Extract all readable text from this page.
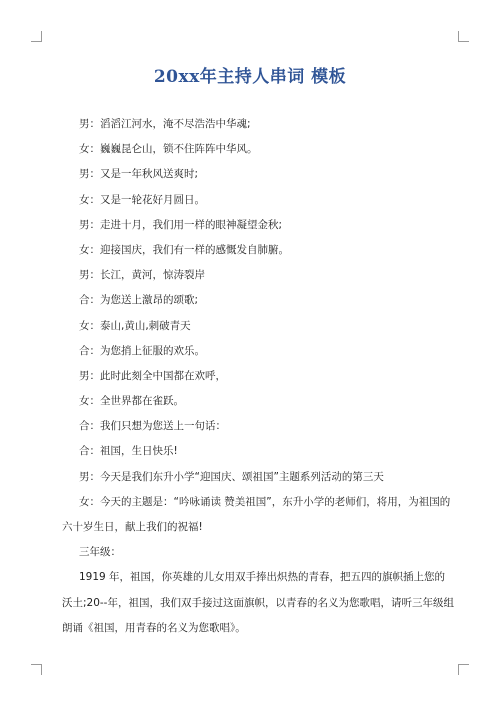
20xx年主持人串词 模板
男：滔滔江河水，淹不尽浩浩中华魂;
女：巍巍昆仑山，锁不住阵阵中华风。
男：又是一年秋风送爽时;
女：又是一轮花好月圆日。
男：走进十月，我们用一样的眼神凝望金秋;
女：迎接国庆，我们有一样的感慨发自肺腑。
男：长江，黄河，惊涛裂岸
合：为您送上激昂的颂歌;
女：泰山,黄山,刺破青天
合：为您捎上征服的欢乐。
男：此时此刻全中国都在欢呼，
女：全世界都在雀跃。
合：我们只想为您送上一句话：
合：祖国，生日快乐!
男：今天是我们东升小学“迎国庆、颂祖国”主题系列活动的第三天
女：今天的主题是：“吟咏诵读 赞美祖国”，东升小学的老师们，将用，为祖国的
六十岁生日，献上我们的祝福!
三年级：
1919 年，祖国，你英雄的儿女用双手捧出炽热的青春，把五四的旗帜插上您的
沃土;20--年，祖国，我们双手接过这面旗帜，以青春的名义为您歌唱，请听三年级组
朗诵《祖国，用青春的名义为您歌唱》。
